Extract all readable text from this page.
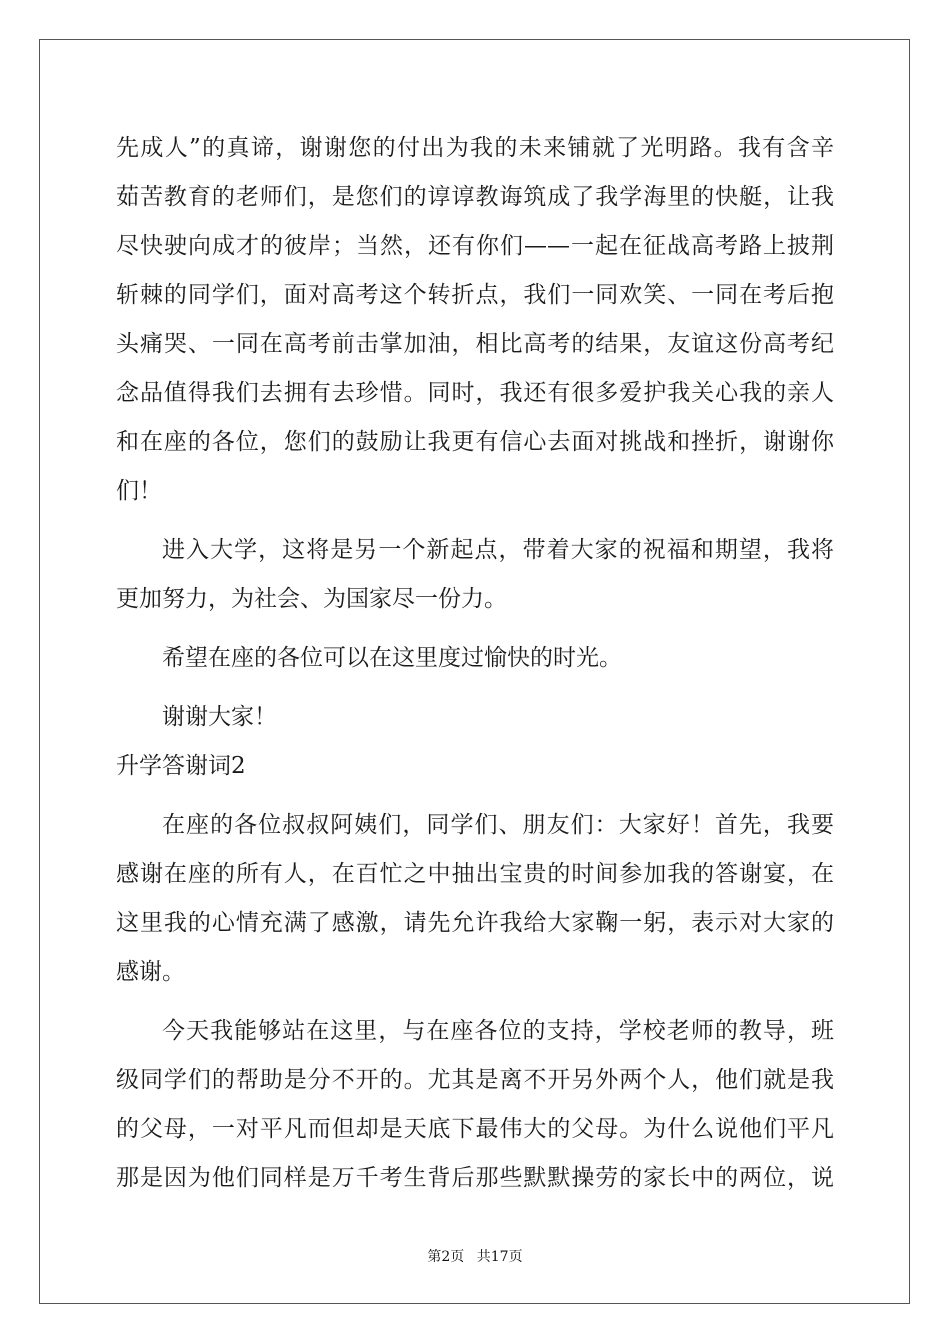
先成人”的真谛，谢谢您的付出为我的未来铺就了光明路。我有含辛
茹苦教育的老师们，是您们的谆谆教诲筑成了我学海里的快艇，让我
尽快驶向成才的彼岸；当然，还有你们——一起在征战高考路上披荆
斩棘的同学们，面对高考这个转折点，我们一同欢笑、一同在考后抱
头痛哭、一同在高考前击掌加油，相比高考的结果，友谊这份高考纪
念品值得我们去拥有去珍惜。同时，我还有很多爱护我关心我的亲人
和在座的各位，您们的鼓励让我更有信心去面对挑战和挫折，谢谢你
们！
进入大学，这将是另一个新起点，带着大家的祝福和期望，我将
更加努力，为社会、为国家尽一份力。
希望在座的各位可以在这里度过愉快的时光。
谢谢大家！
升学答谢词2
在座的各位叔叔阿姨们，同学们、朋友们：大家好！首先，我要
感谢在座的所有人，在百忙之中抽出宝贵的时间参加我的答谢宴，在
这里我的心情充满了感激，请先允许我给大家鞠一躬，表示对大家的
感谢。
今天我能够站在这里，与在座各位的支持，学校老师的教导，班
级同学们的帮助是分不开的。尤其是离不开另外两个人，他们就是我
的父母，一对平凡而但却是天底下最伟大的父母。为什么说他们平凡
那是因为他们同样是万千考生背后那些默默操劳的家长中的两位，说
第2页 共17页
